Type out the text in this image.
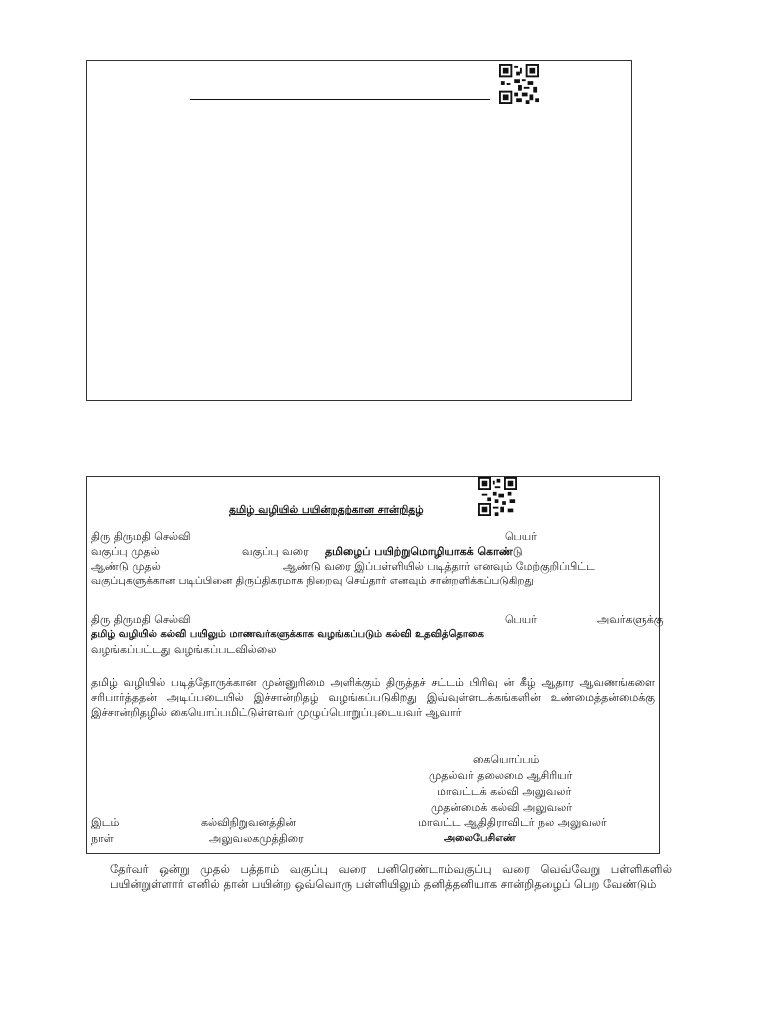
தமிழ் வழியில் பயின்றதற்கான சான்றிதழ்
திரு திருமதி செல்வி	பெயர்
வகுப்பு முதல்	வகுப்பு வரை தமிழைப் பயிற்றுமொழியாகக் கொண்டு
ஆண்டு முதல்	ஆண்டு வரை இப்பள்ளியில் படித்தார் எனவும் மேற்குறிப்பிட்ட
வகுப்புகளுக்கான படிப்பினை திருப்திகரமாக நிறைவு செய்தார் எனவும் சான்றளிக்கப்படுகிறது
திரு திருமதி செல்வி	பெயர்	அவர்களுக்கு
தமிழ் வழியில் கல்வி பயிலும் மாணவர்களுக்காக வழங்கப்படும் கல்வி உதவித்தொகை
வழங்கப்பட்டது வழங்கப்படவில்லை
தமிழ் வழியில் படித்தோருக்கான முன்னுரிமை அளிக்கும் திருத்தச் சட்டம் பிரிவு ன் கீழ் ஆதார ஆவணங்களை சரிபார்த்ததன் அடிப்படையில் இச்சான்றிதழ் வழங்கப்படுகிறது இவ்வுள்ளடக்கங்களின் உண்மைத்தன்மைக்கு இச்சான்றிதழில் கையொப்பமிட்டுள்ளவர் முழுப்பொறுப்புடையவர் ஆவார்
கையொப்பம்
முதல்வர் தலைமை ஆசிரியர்
மாவட்டக் கல்வி அலுவலர்
முதன்மைக் கல்வி அலுவலர்
மாவட்ட ஆதிதிராவிடர் நல அலுவலர்
அலைபேசிஎண்
இடம்	கல்விநிறுவனத்தின்
நாள்	அலுவலகமுத்திரை
தேர்வர் ஒன்று முதல் பத்தாம் வகுப்பு வரை பனிரெண்டாம்வகுப்பு வரை வெவ்வேறு பள்ளிகளில் பயின்றுள்ளார் எனில் தான் பயின்ற ஒவ்வொரு பள்ளியிலும் தனித்தனியாக சான்றிதழைப் பெற வேண்டும்
